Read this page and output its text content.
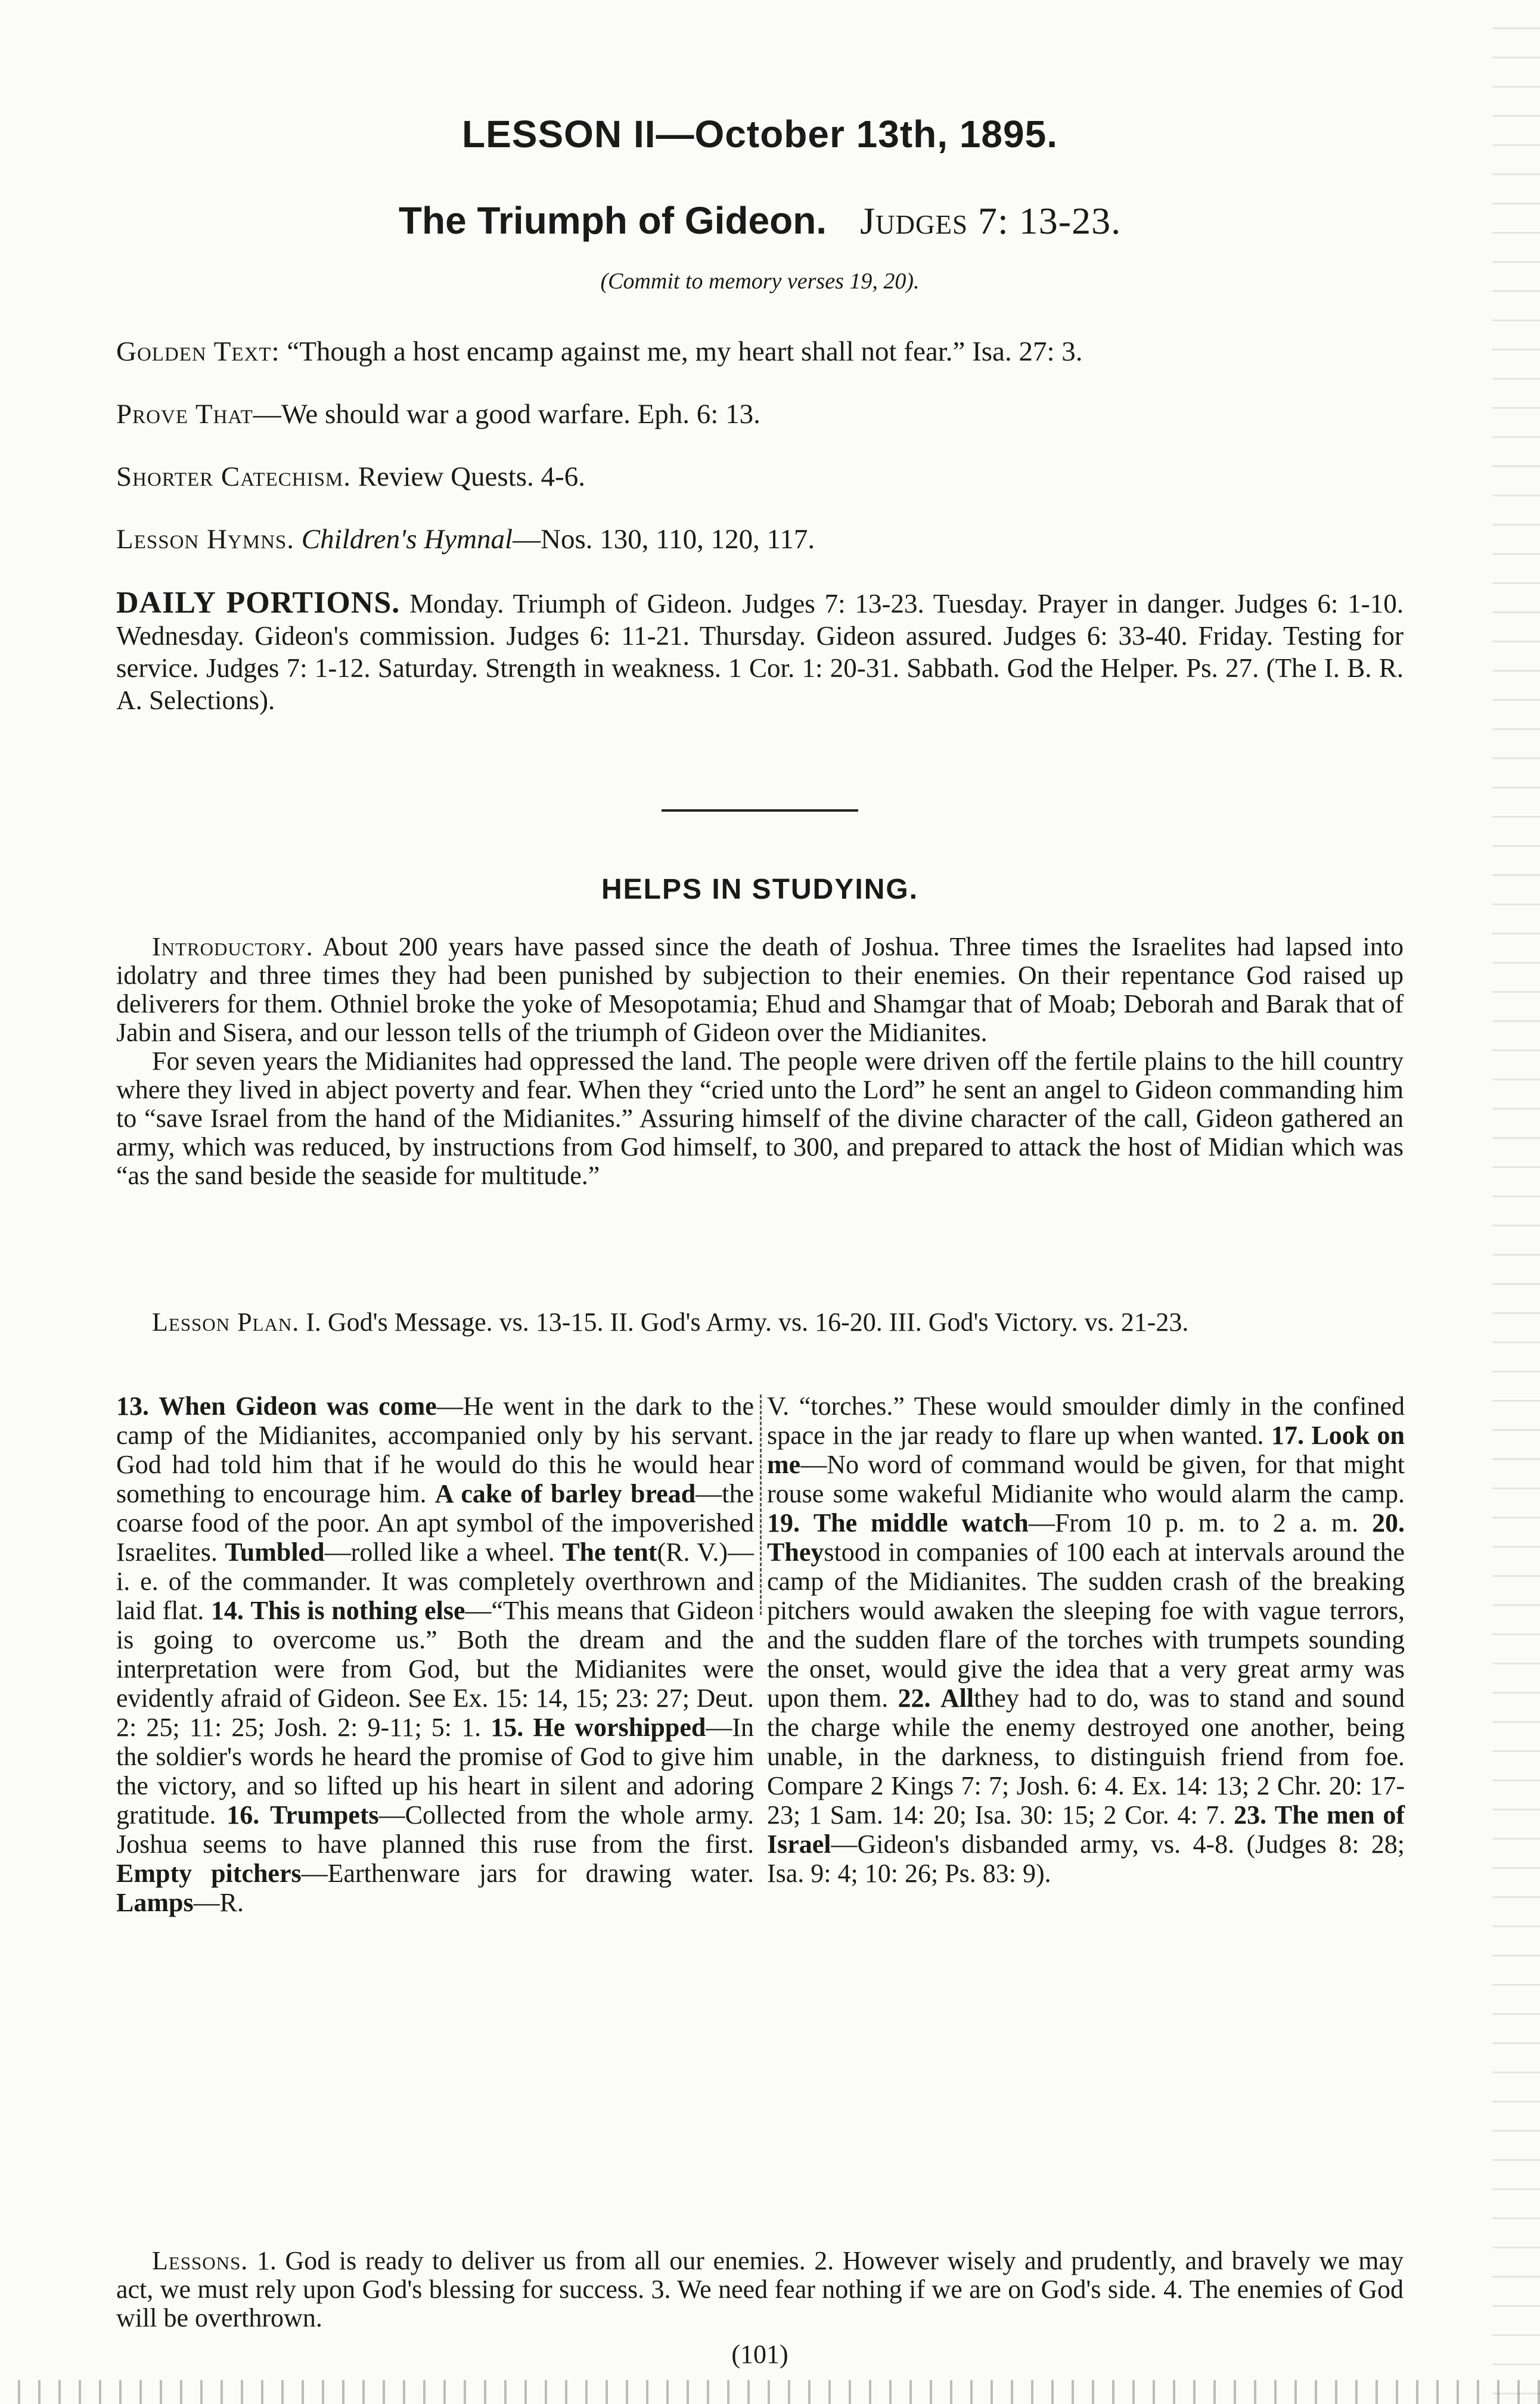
LESSON II—October 13th, 1895.
The Triumph of Gideon. Judges 7: 13-23.
(Commit to memory verses 19, 20).
Golden Text: “Though a host encamp against me, my heart shall not fear.” Isa. 27: 3.
Prove That—We should war a good warfare. Eph. 6: 13.
Shorter Catechism. Review Quests. 4-6.
Lesson Hymns. Children's Hymnal—Nos. 130, 110, 120, 117.
DAILY PORTIONS. Monday. Triumph of Gideon. Judges 7: 13-23. Tuesday. Prayer in danger. Judges 6: 1-10. Wednesday. Gideon's commission. Judges 6: 11-21. Thursday. Gideon assured. Judges 6: 33-40. Friday. Testing for service. Judges 7: 1-12. Saturday. Strength in weakness. 1 Cor. 1: 20-31. Sabbath. God the Helper. Ps. 27. (The I. B. R. A. Selections).
HELPS IN STUDYING.

Introductory. About 200 years have passed since the death of Joshua. Three times the Israelites had lapsed into idolatry and three times they had been punished by subjection to their enemies. On their repentance God raised up deliverers for them. Othniel broke the yoke of Mesopotamia; Ehud and Shamgar that of Moab; Deborah and Barak that of Jabin and Sisera, and our lesson tells of the triumph of Gideon over the Midianites.

For seven years the Midianites had oppressed the land. The people were driven off the fertile plains to the hill country where they lived in abject poverty and fear. When they “cried unto the Lord” he sent an angel to Gideon commanding him to “save Israel from the hand of the Midianites.” Assuring himself of the divine character of the call, Gideon gathered an army, which was reduced, by instructions from God himself, to 300, and prepared to attack the host of Midian which was “as the sand beside the seaside for multitude.”

Lesson Plan. I. God's Message. vs. 13-15. II. God's Army. vs. 16-20. III. God's Victory. vs. 21-23.

13. When Gideon was come—He went in the dark to the camp of the Midianites, accompanied only by his servant. God had told him that if he would do this he would hear something to encourage him. A cake of barley bread—the coarse food of the poor. An apt symbol of the impoverished Israelites. Tumbled—rolled like a wheel. The tent(R. V.)—i. e. of the commander. It was completely overthrown and laid flat. 14. This is nothing else—“This means that Gideon is going to overcome us.” Both the dream and the interpretation were from God, but the Midianites were evidently afraid of Gideon. See Ex. 15: 14, 15; 23: 27; Deut. 2: 25; 11: 25; Josh. 2: 9-11; 5: 1. 15. He worshipped—In the soldier's words he heard the promise of God to give him the victory, and so lifted up his heart in silent and adoring gratitude. 16. Trumpets—Collected from the whole army. Joshua seems to have planned this ruse from the first. Empty pitchers—Earthenware jars for drawing water. Lamps—R.
V. “torches.” These would smoulder dimly in the confined space in the jar ready to flare up when wanted. 17. Look on me—No word of command would be given, for that might rouse some wakeful Midianite who would alarm the camp. 19. The middle watch—From 10 p. m. to 2 a. m. 20. Theystood in companies of 100 each at intervals around the camp of the Midianites. The sudden crash of the breaking pitchers would awaken the sleeping foe with vague terrors, and the sudden flare of the torches with trumpets sounding the onset, would give the idea that a very great army was upon them. 22. Allthey had to do, was to stand and sound the charge while the enemy destroyed one another, being unable, in the darkness, to distinguish friend from foe. Compare 2 Kings 7: 7; Josh. 6: 4. Ex. 14: 13; 2 Chr. 20: 17-23; 1 Sam. 14: 20; Isa. 30: 15; 2 Cor. 4: 7. 23. The men of Israel—Gideon's disbanded army, vs. 4-8. (Judges 8: 28; Isa. 9: 4; 10: 26; Ps. 83: 9).

Lessons. 1. God is ready to deliver us from all our enemies. 2. However wisely and prudently, and bravely we may act, we must rely upon God's blessing for success. 3. We need fear nothing if we are on God's side. 4. The enemies of God will be overthrown.

(101)
